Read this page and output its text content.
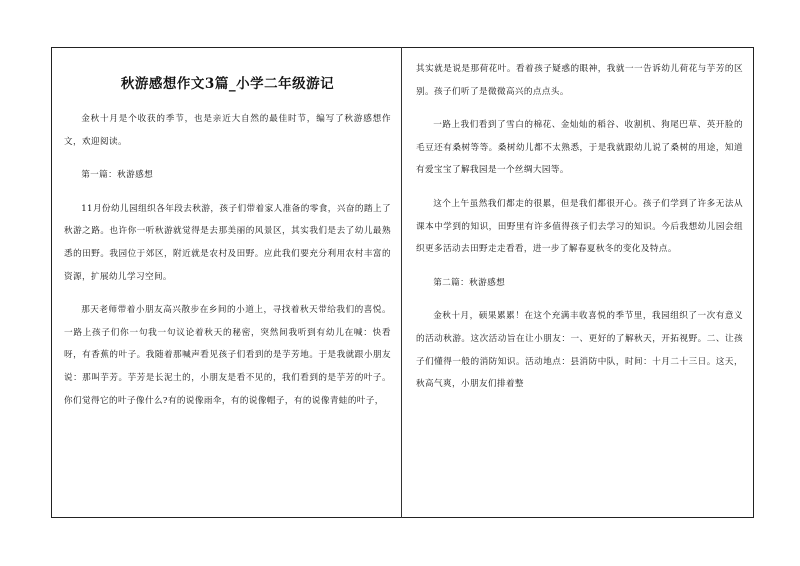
秋游感想作文3篇_小学二年级游记

金秋十月是个收获的季节，也是亲近大自然的最佳时节，编写了秋游感想作文，欢迎阅读。

第一篇：秋游感想

11月份幼儿园组织各年段去秋游，孩子们带着家人准备的零食，兴奋的踏上了秋游之路。也许你一听秋游就觉得是去那美丽的风景区，其实我们是去了幼儿最熟悉的田野。我园位于郊区，附近就是农村及田野。应此我们要充分利用农村丰富的资源，扩展幼儿学习空间。

那天老师带着小朋友高兴散步在乡间的小道上，寻找着秋天带给我们的喜悦。一路上孩子们你一句我一句议论着秋天的秘密，突然间我听到有幼儿在喊：快看呀，有香蕉的叶子。我随着那喊声看见孩子们看到的是芋芳地。于是我就跟小朋友说：那叫芋芳。芋芳是长泥土的，小朋友是看不见的，我们看到的是芋芳的叶子。你们觉得它的叶子像什么?有的说像雨伞，有的说像帽子，有的说像青蛙的叶子，

其实就是说是那荷花叶。看着孩子疑惑的眼神，我就一一告诉幼儿荷花与芋芳的区别。孩子们听了是微微高兴的点点头。

一路上我们看到了雪白的棉花、金灿灿的稻谷、收割机、狗尾巴草、英开脸的毛豆还有桑树等等。桑树幼儿都不太熟悉，于是我就跟幼儿说了桑树的用途，知道有爱宝宝了解我园是一个丝绸大园等。

这个上午虽然我们都走的很累，但是我们都很开心。孩子们学到了许多无法从课本中学到的知识，田野里有许多值得孩子们去学习的知识。今后我想幼儿园会组织更多活动去田野走走看看，进一步了解春夏秋冬的变化及特点。

第二篇：秋游感想

金秋十月，硕果累累！在这个充满丰收喜悦的季节里，我园组织了一次有意义的活动秋游。这次活动旨在让小朋友：一、更好的了解秋天，开拓视野。二、让孩子们懂得一般的消防知识。活动地点：县消防中队，时间：十月二十三日。这天，秋高气爽，小朋友们排着整
